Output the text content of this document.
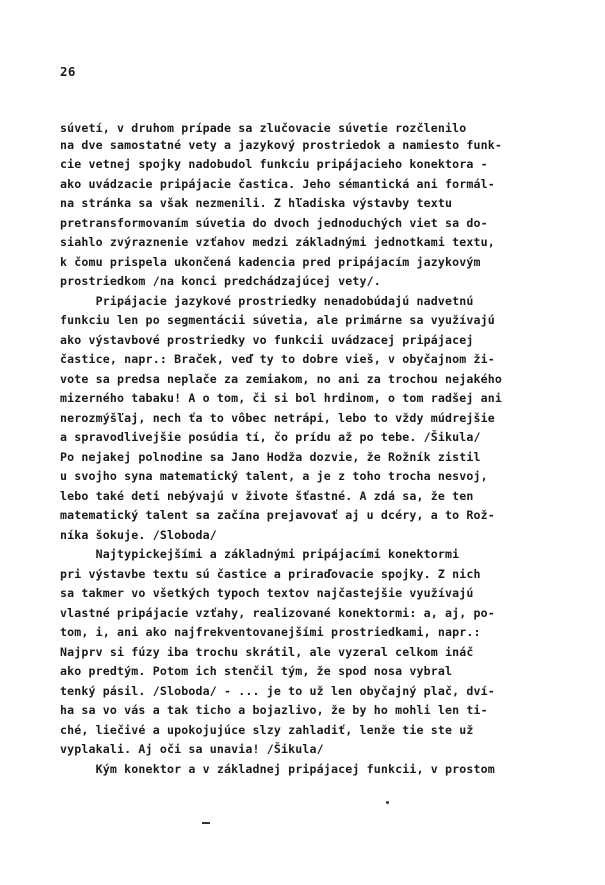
26
súvetí, v druhom prípade sa zlučovacie súvetie rozčlenilo
na dve samostatné vety a jazykový prostriedok a namiesto funk-
cie vetnej spojky nadobudol funkciu pripájacieho konektora -
ako uvádzacie pripájacie častica. Jeho sémantická ani formál-
na stránka sa však nezmenili. Z hľadiska výstavby textu
pretransformovaním súvetia do dvoch jednoduchých viet sa do-
siahlo zvýraznenie vzťahov medzi základnými jednotkami textu,
k čomu prispela ukončená kadencia pred pripájacím jazykovým
prostriedkom /na konci predchádzajúcej vety/.
Pripájacie jazykové prostriedky nenadobúdajú nadvetnú
funkciu len po segmentácii súvetia, ale primárne sa využívajú
ako výstavbové prostriedky vo funkcii uvádzacej pripájacej
častice, napr.: Braček, veď ty to dobre vieš, v obyčajnom ži-
vote sa predsa neplače za zemiakom, no ani za trochou nejakého
mizerného tabaku! A o tom, či si bol hrdinom, o tom radšej ani
nerozmýšľaj, nech ťa to vôbec netrápi, lebo to vždy múdrejšie
a spravodlivejšie posúdia tí, čo prídu až po tebe. /Šikula/
Po nejakej polnodine sa Jano Hodža dozvie, že Rožník zistil
u svojho syna matematický talent, a je z toho trocha nesvoj,
lebo také deti nebývajú v živote šťastné. A zdá sa, že ten
matematický talent sa začína prejavovať aj u dcéry, a to Rož-
níka šokuje. /Sloboda/
Najtypickejšími a základnými pripájacími konektormi
pri výstavbe textu sú častice a priraďovacie spojky. Z nich
sa takmer vo všetkých typoch textov najčastejšie využívajú
vlastné pripájacie vzťahy, realizované konektormi: a, aj, po-
tom, i, ani ako najfrekventovanejšími prostriedkami, napr.:
Najprv si fúzy iba trochu skrátil, ale vyzeral celkom ináč
ako predtým. Potom ich stenčil tým, že spod nosa vybral
tenký pásil. /Sloboda/ - ... je to už len obyčajný plač, dví-
ha sa vo vás a tak ticho a bojazlivo, že by ho mohli len ti-
ché, liečivé a upokojujúce slzy zahladiť, lenže tie ste už
vyplakali. Aj oči sa unavia! /Šikula/
Kým konektor a v základnej pripájacej funkcii, v prostom
